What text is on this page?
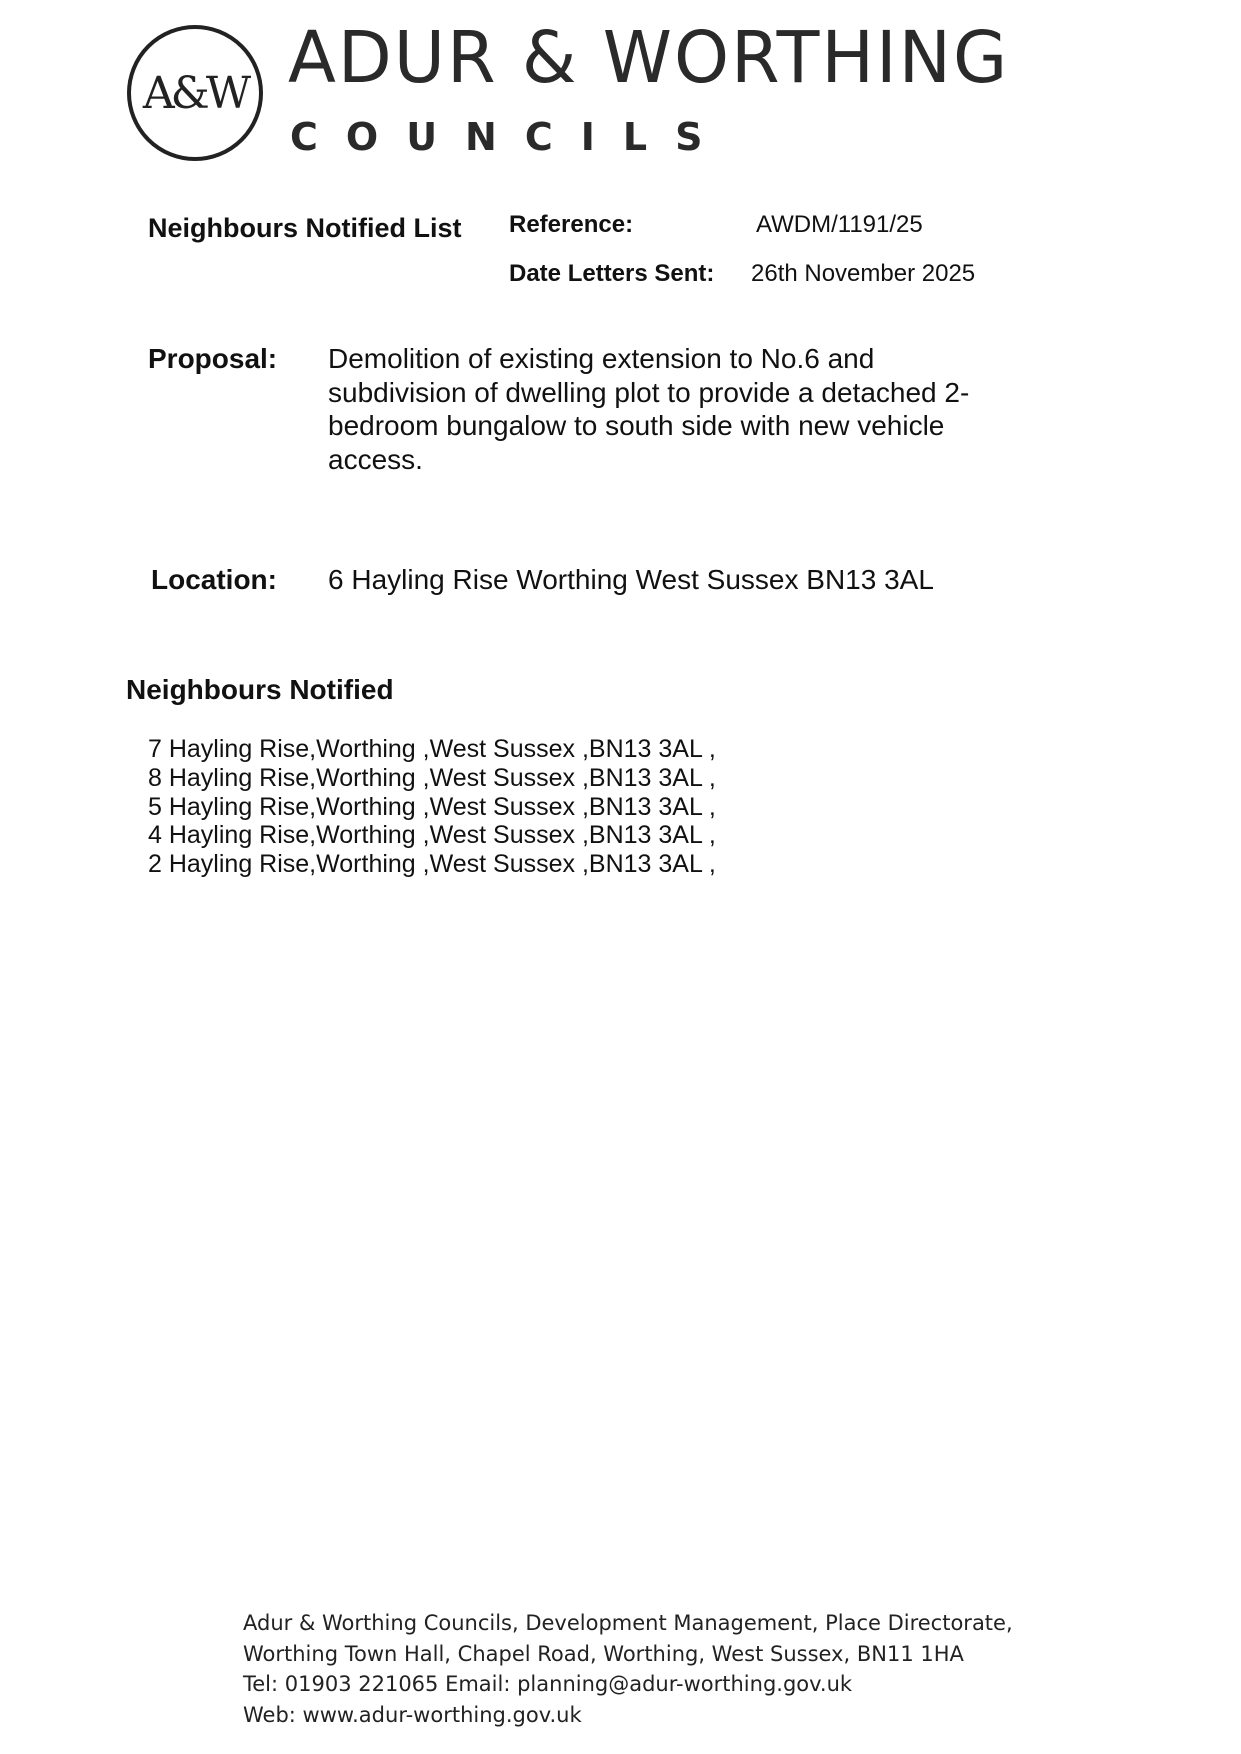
A&W ADUR & WORTHING
COUNCILS
Neighbours Notified List Reference:	AWDM/1191/25
Date Letters Sent: 26th November 2025
Proposal: Demolition of existing extension to No.6 and subdivision of dwelling plot to provide a detached 2-bedroom bungalow to south side with new vehicle access.
Location: 6 Hayling Rise Worthing West Sussex BN13 3AL
Neighbours Notified
7 Hayling Rise,Worthing ,West Sussex ,BN13 3AL ,
8 Hayling Rise,Worthing ,West Sussex ,BN13 3AL ,
5 Hayling Rise,Worthing ,West Sussex ,BN13 3AL ,
4 Hayling Rise,Worthing ,West Sussex ,BN13 3AL ,
2 Hayling Rise,Worthing ,West Sussex ,BN13 3AL ,
Adur & Worthing Councils, Development Management, Place Directorate,
Worthing Town Hall, Chapel Road, Worthing, West Sussex, BN11 1HA
Tel: 01903 221065 Email: planning@adur-worthing.gov.uk
Web: www.adur-worthing.gov.uk
